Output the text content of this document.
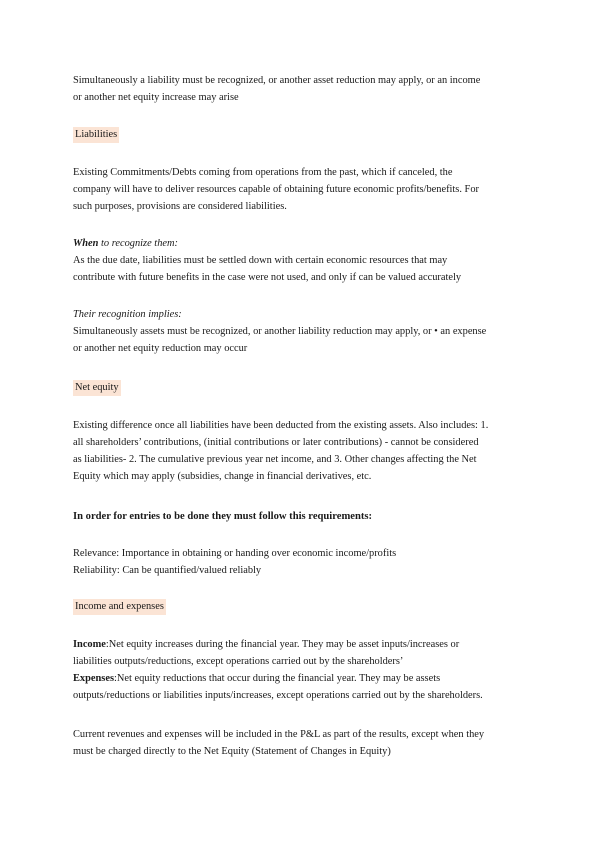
Simultaneously a liability must be recognized, or another asset reduction may apply, or an income
or another net equity increase may arise
Liabilities
Existing Commitments/Debts coming from operations from the past, which if canceled, the
company will have to deliver resources capable of obtaining future economic profits/benefits. For
such purposes, provisions are considered liabilities.
When to recognize them:
As the due date, liabilities must be settled down with certain economic resources that may
contribute with future benefits in the case were not used, and only if can be valued accurately
Their recognition implies:
Simultaneously assets must be recognized, or another liability reduction may apply, or • an expense
or another net equity reduction may occur
Net equity
Existing difference once all liabilities have been deducted from the existing assets. Also includes: 1.
all shareholders’ contributions, (initial contributions or later contributions) - cannot be considered
as liabilities- 2. The cumulative previous year net income, and 3. Other changes affecting the Net
Equity which may apply (subsidies, change in financial derivatives, etc.
In order for entries to be done they must follow this requirements:
Relevance: Importance in obtaining or handing over economic income/profits
Reliability: Can be quantified/valued reliably
Income and expenses
Income:Net equity increases during the financial year. They may be asset inputs/increases or
liabilities outputs/reductions, except operations carried out by the shareholders’
Expenses:Net equity reductions that occur during the financial year. They may be assets
outputs/reductions or liabilities inputs/increases, except operations carried out by the shareholders.
Current revenues and expenses will be included in the P&L as part of the results, except when they
must be charged directly to the Net Equity (Statement of Changes in Equity)
